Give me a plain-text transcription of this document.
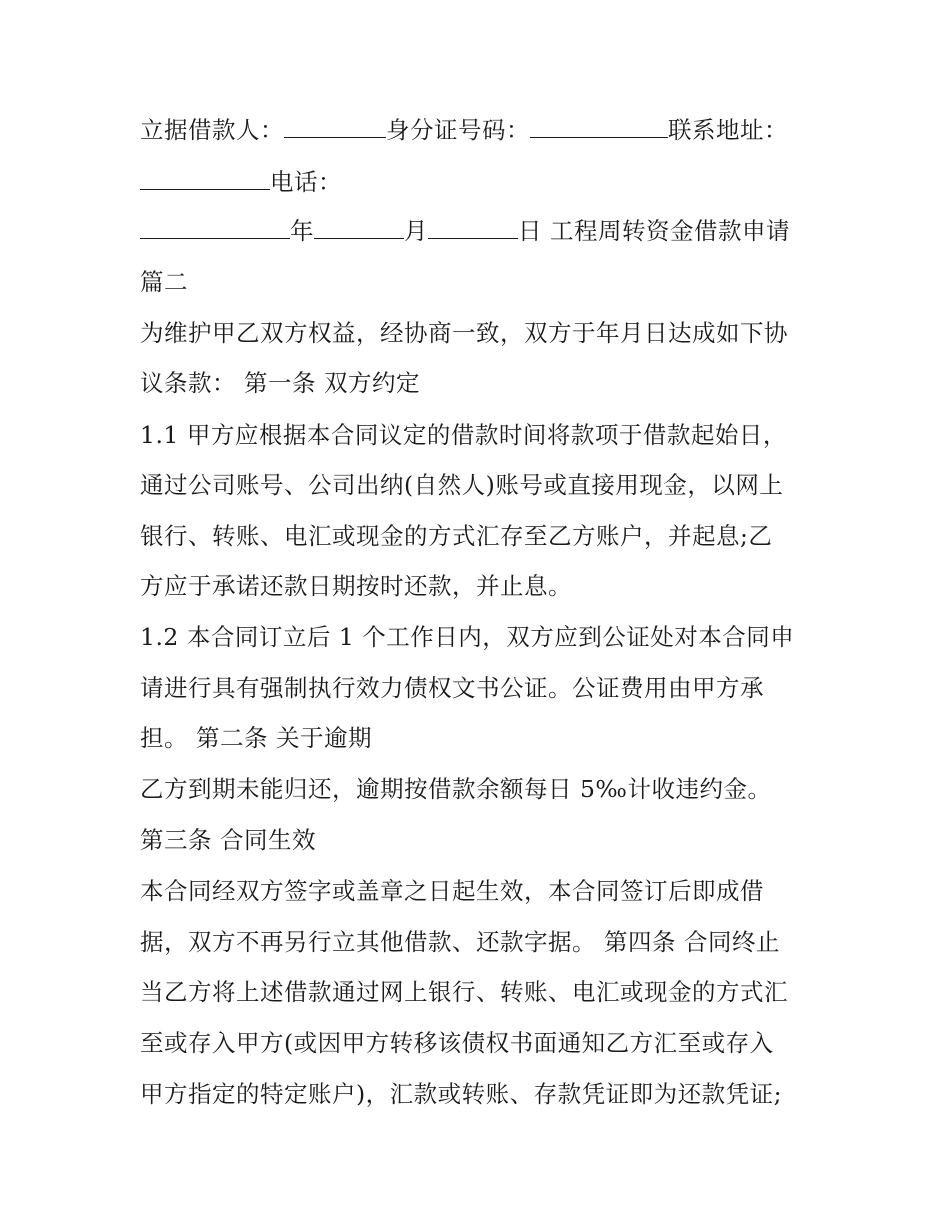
立据借款人：	身分证号码：	联系地址：
电话：
年	月	日 工程周转资金借款申请
篇二
为维护甲乙双方权益，经协商一致，双方于年月日达成如下协
议条款： 第一条 双方约定
1.1 甲方应根据本合同议定的借款时间将款项于借款起始日，
通过公司账号、公司出纳(自然人)账号或直接用现金，以网上
银行、转账、电汇或现金的方式汇存至乙方账户，并起息;乙
方应于承诺还款日期按时还款，并止息。
1.2 本合同订立后 1 个工作日内，双方应到公证处对本合同申
请进行具有强制执行效力债权文书公证。公证费用由甲方承
担。 第二条 关于逾期
乙方到期未能归还，逾期按借款余额每日 5‰计收违约金。
第三条 合同生效
本合同经双方签字或盖章之日起生效，本合同签订后即成借
据，双方不再另行立其他借款、还款字据。 第四条 合同终止
当乙方将上述借款通过网上银行、转账、电汇或现金的方式汇
至或存入甲方(或因甲方转移该债权书面通知乙方汇至或存入
甲方指定的特定账户)，汇款或转账、存款凭证即为还款凭证;
